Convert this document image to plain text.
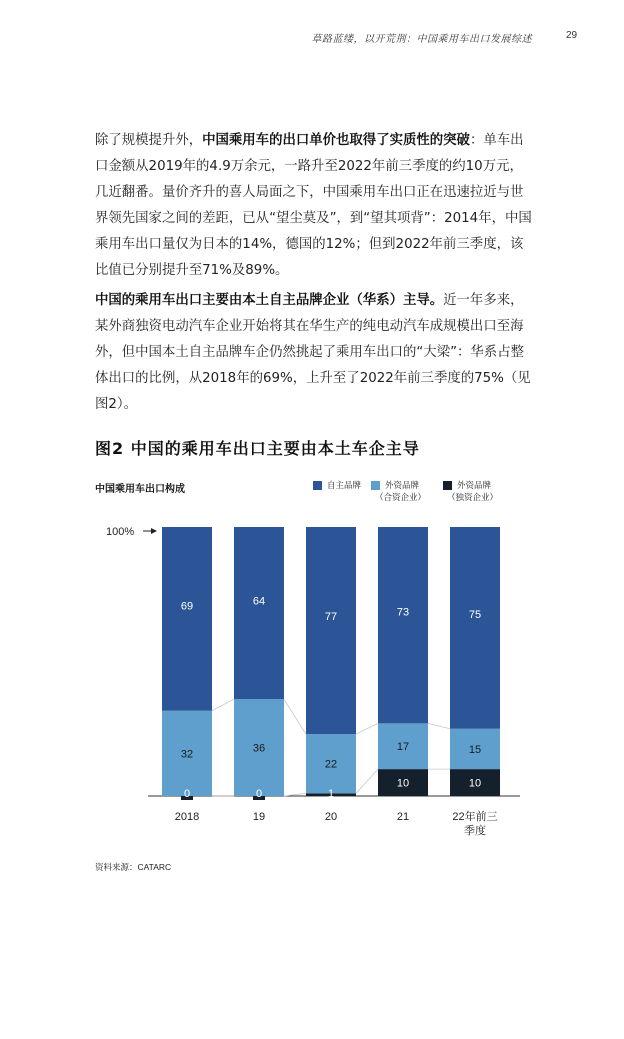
草路蓝缕，以开荒荆：中国乘用车出口发展综述	29

除了规模提升外，中国乘用车的出口单价也取得了实质性的突破：单车出口金额从2019年的4.9万余元，一路升至2022年前三季度的约10万元，几近翻番。量价齐升的喜人局面之下，中国乘用车出口正在迅速拉近与世界领先国家之间的差距，已从“望尘莫及”，到“望其项背”：2014年，中国乘用车出口量仅为日本的14%，德国的12%；但到2022年前三季度，该比值已分别提升至71%及89%。

中国的乘用车出口主要由本土自主品牌企业（华系）主导。近一年多来，某外商独资电动汽车企业开始将其在华生产的纯电动汽车成规模出口至海外，但中国本土自主品牌车企仍然挑起了乘用车出口的“大梁”：华系占整体出口的比例，从2018年的69%，上升至了2022年前三季度的75%（见图2）。

图2 中国的乘用车出口主要由本土车企主导
中国乘用车出口构成	自主品牌	外资品牌
（合资企业）
外资品牌
（独资企业）
100%
0
32
69
2018
0
36
64
19
1
22
77
20
10
17
73
21
10
15
75
22年前三
季度
资料来源：CATARC
